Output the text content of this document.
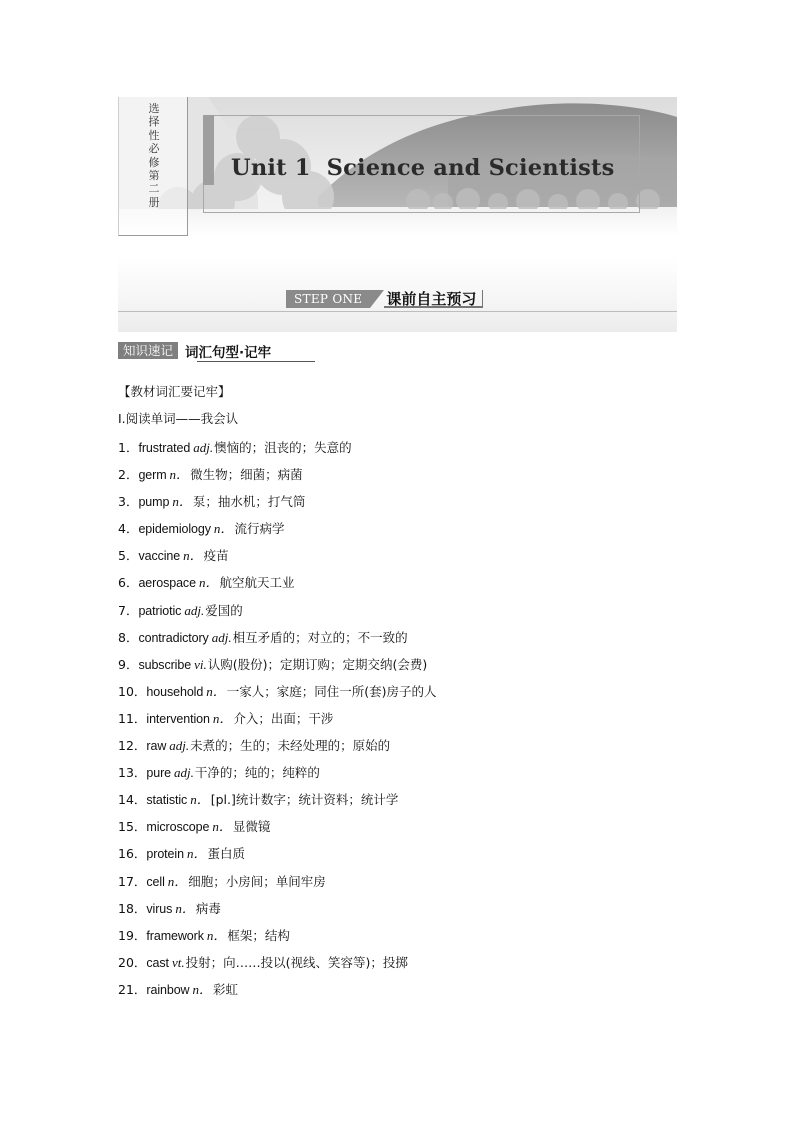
选择性必修第二册
Unit 1  Science and Scientists
STEP ONE	课前自主预习
知识速记 词汇句型·记牢
【教材词汇要记牢】
Ⅰ.阅读单词——我会认
1．frustrated adj.懊恼的；沮丧的；失意的
2．germ n．微生物；细菌；病菌
3．pump n．泵；抽水机；打气筒
4．epidemiology n．流行病学
5．vaccine n．疫苗
6．aerospace n．航空航天工业
7．patriotic adj.爱国的
8．contradictory adj.相互矛盾的；对立的；不一致的
9．subscribe vi.认购(股份)；定期订购；定期交纳(会费)
10．household n．一家人；家庭；同住一所(套)房子的人
11．intervention n．介入；出面；干涉
12．raw adj.未煮的；生的；未经处理的；原始的
13．pure adj.干净的；纯的；纯粹的
14．statistic n．[pl.]统计数字；统计资料；统计学
15．microscope n．显微镜
16．protein n．蛋白质
17．cell n．细胞；小房间；单间牢房
18．virus n．病毒
19．framework n．框架；结构
20．cast vt.投射；向……投以(视线、笑容等)；投掷
21．rainbow n．彩虹
